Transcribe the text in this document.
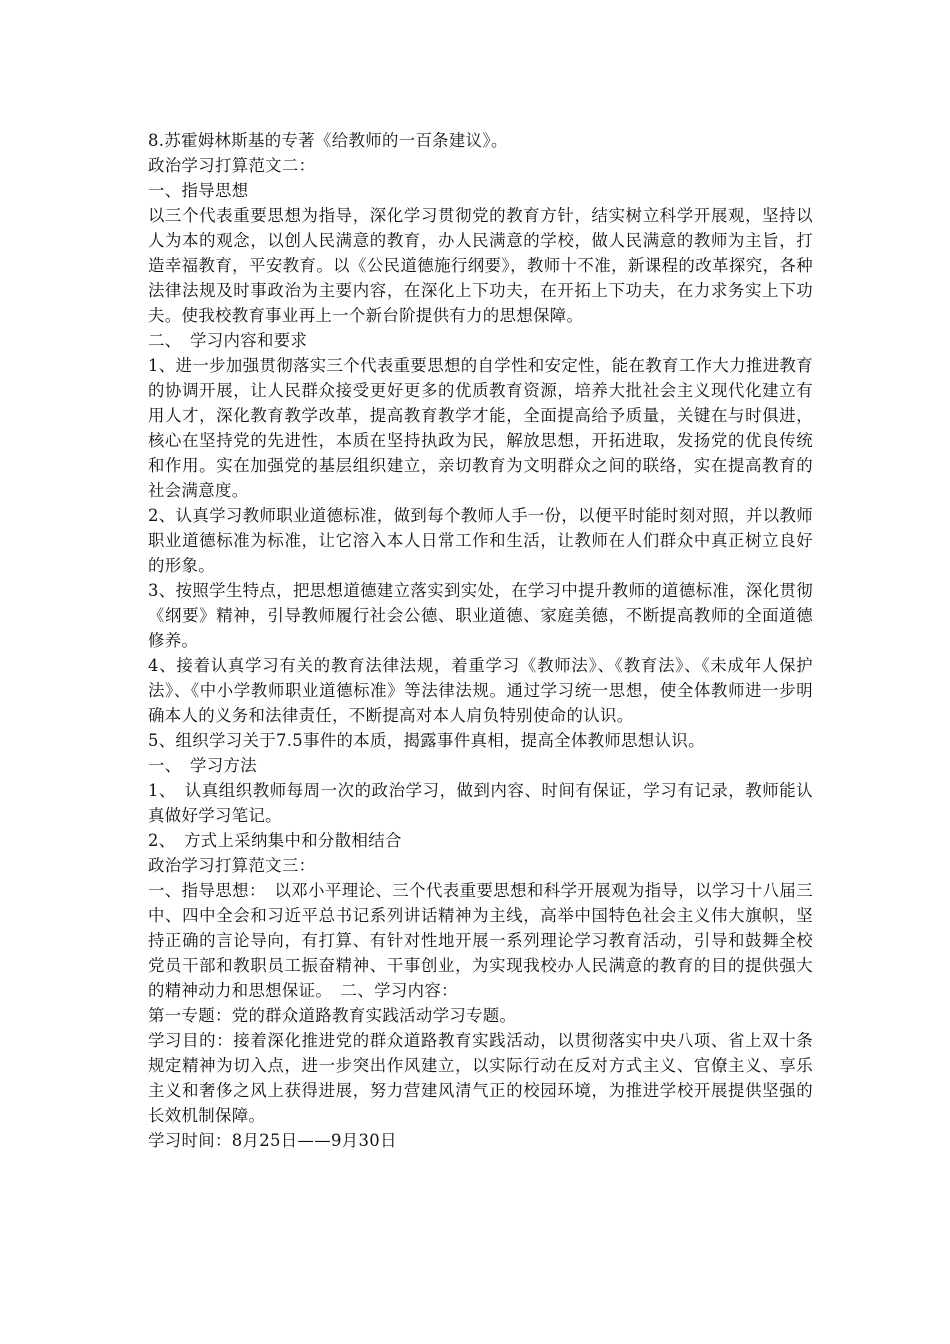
8.苏霍姆林斯基的专著《给教师的一百条建议》。

政治学习打算范文二：

一、指导思想

以三个代表重要思想为指导，深化学习贯彻党的教育方针，结实树立科学开展观，坚持以人为本的观念，以创人民满意的教育，办人民满意的学校，做人民满意的教师为主旨，打造幸福教育，平安教育。以《公民道德施行纲要》，教师十不准，新课程的改革探究，各种法律法规及时事政治为主要内容，在深化上下功夫，在开拓上下功夫，在力求务实上下功夫。使我校教育事业再上一个新台阶提供有力的思想保障。

二、　学习内容和要求

1、进一步加强贯彻落实三个代表重要思想的自学性和安定性，能在教育工作大力推进教育的协调开展，让人民群众接受更好更多的优质教育资源，培养大批社会主义现代化建立有用人才，深化教育教学改革，提高教育教学才能，全面提高给予质量，关键在与时俱进，核心在坚持党的先进性，本质在坚持执政为民，解放思想，开拓进取，发扬党的优良传统和作用。实在加强党的基层组织建立，亲切教育为文明群众之间的联络，实在提高教育的社会满意度。

2、认真学习教师职业道德标准，做到每个教师人手一份，以便平时能时刻对照，并以教师职业道德标准为标准，让它溶入本人日常工作和生活，让教师在人们群众中真正树立良好的形象。

3、按照学生特点，把思想道德建立落实到实处，在学习中提升教师的道德标准，深化贯彻《纲要》精神，引导教师履行社会公德、职业道德、家庭美德，不断提高教师的全面道德修养。

4、接着认真学习有关的教育法律法规，着重学习《教师法》、《教育法》、《未成年人保护法》、《中小学教师职业道德标准》等法律法规。通过学习统一思想，使全体教师进一步明确本人的义务和法律责任，不断提高对本人肩负特别使命的认识。

5、组织学习关于7.5事件的本质，揭露事件真相，提高全体教师思想认识。

一、　学习方法

1、　认真组织教师每周一次的政治学习，做到内容、时间有保证，学习有记录，教师能认真做好学习笔记。

2、　方式上采纳集中和分散相结合

政治学习打算范文三：

一、指导思想：　以邓小平理论、三个代表重要思想和科学开展观为指导，以学习十八届三中、四中全会和习近平总书记系列讲话精神为主线，高举中国特色社会主义伟大旗帜，坚持正确的言论导向，有打算、有针对性地开展一系列理论学习教育活动，引导和鼓舞全校党员干部和教职员工振奋精神、干事创业，为实现我校办人民满意的教育的目的提供强大的精神动力和思想保证。　二、学习内容：

第一专题：党的群众道路教育实践活动学习专题。

学习目的：接着深化推进党的群众道路教育实践活动，以贯彻落实中央八项、省上双十条规定精神为切入点，进一步突出作风建立，以实际行动在反对方式主义、官僚主义、享乐主义和奢侈之风上获得进展，努力营建风清气正的校园环境，为推进学校开展提供坚强的长效机制保障。

学习时间：8月25日——9月30日
